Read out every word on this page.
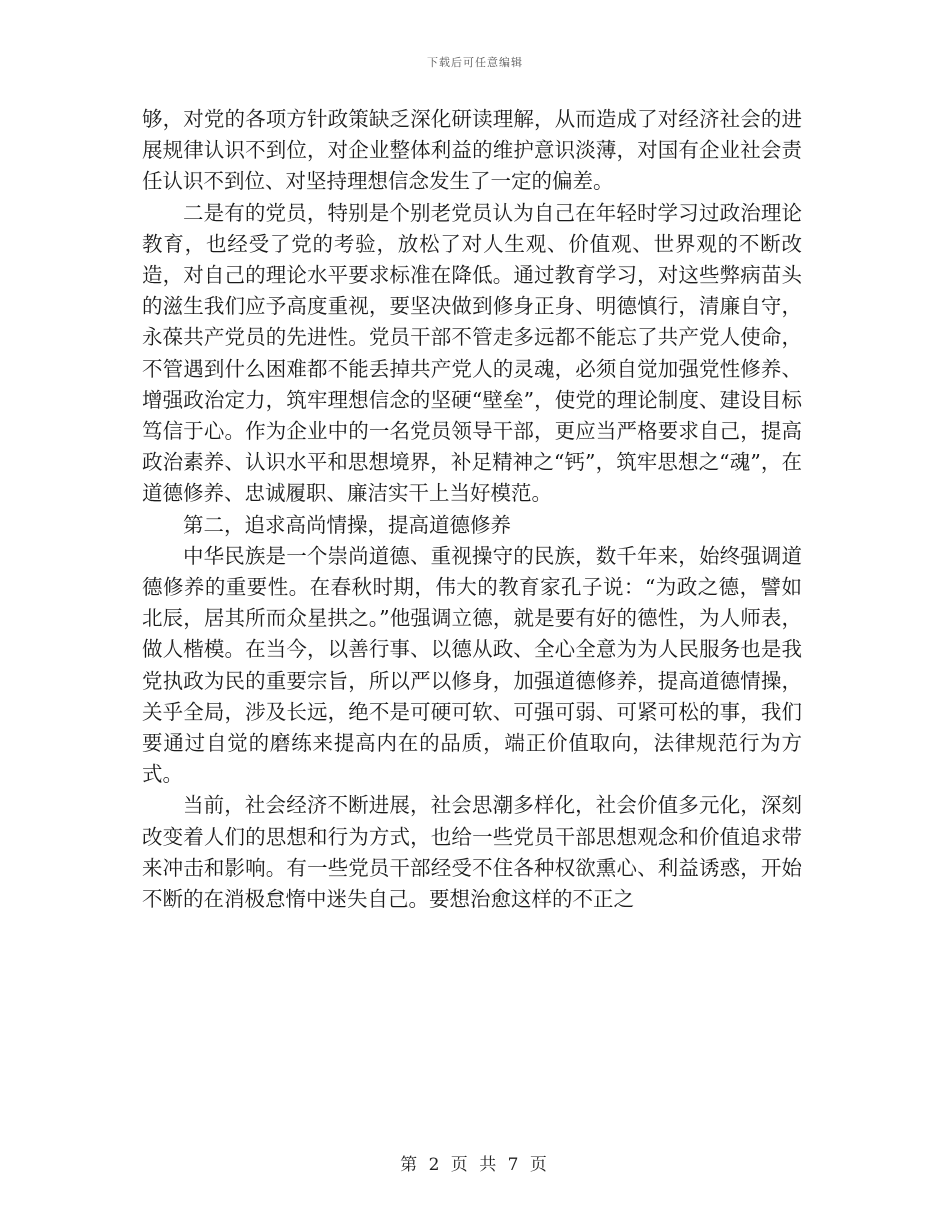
下载后可任意编辑

够，对党的各项方针政策缺乏深化研读理解，从而造成了对经济社会的进展规律认识不到位，对企业整体利益的维护意识淡薄，对国有企业社会责任认识不到位、对坚持理想信念发生了一定的偏差。

二是有的党员，特别是个别老党员认为自己在年轻时学习过政治理论教育，也经受了党的考验，放松了对人生观、价值观、世界观的不断改造，对自己的理论水平要求标准在降低。通过教育学习，对这些弊病苗头的滋生我们应予高度重视，要坚决做到修身正身、明德慎行，清廉自守，永葆共产党员的先进性。党员干部不管走多远都不能忘了共产党人使命，不管遇到什么困难都不能丢掉共产党人的灵魂，必须自觉加强党性修养、增强政治定力，筑牢理想信念的坚硬“壁垒”，使党的理论制度、建设目标笃信于心。作为企业中的一名党员领导干部，更应当严格要求自己，提高政治素养、认识水平和思想境界，补足精神之“钙”，筑牢思想之“魂”，在道德修养、忠诚履职、廉洁实干上当好模范。

第二，追求高尚情操，提高道德修养

中华民族是一个崇尚道德、重视操守的民族，数千年来，始终强调道德修养的重要性。在春秋时期，伟大的教育家孔子说：“为政之德，譬如北辰，居其所而众星拱之。”他强调立德，就是要有好的德性，为人师表，做人楷模。在当今，以善行事、以德从政、全心全意为为人民服务也是我党执政为民的重要宗旨，所以严以修身，加强道德修养，提高道德情操，关乎全局，涉及长远，绝不是可硬可软、可强可弱、可紧可松的事，我们要通过自觉的磨练来提高内在的品质，端正价值取向，法律规范行为方式。

当前，社会经济不断进展，社会思潮多样化，社会价值多元化，深刻改变着人们的思想和行为方式，也给一些党员干部思想观念和价值追求带来冲击和影响。有一些党员干部经受不住各种权欲熏心、利益诱惑，开始不断的在消极怠惰中迷失自己。要想治愈这样的不正之

第 2 页 共 7 页
